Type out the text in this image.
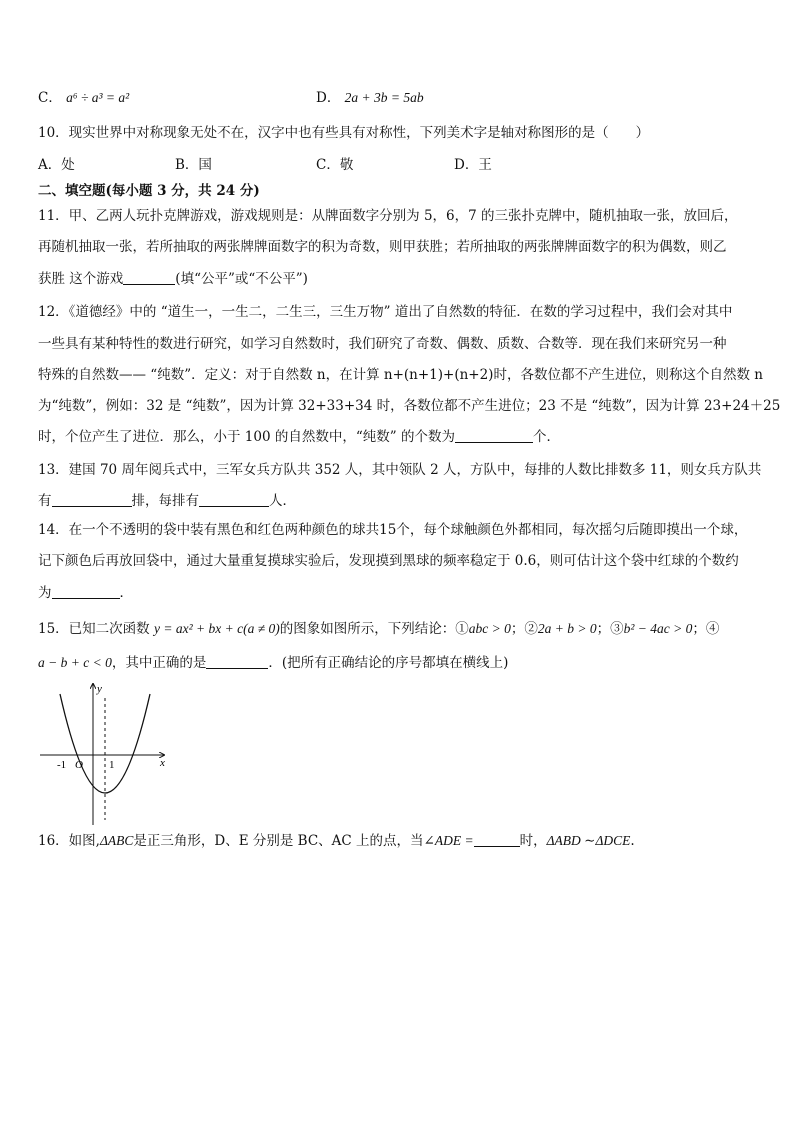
C． a⁶ ÷ a³ = a²	D． 2a + 3b = 5ab
10．现实世界中对称现象无处不在，汉字中也有些具有对称性，下列美术字是轴对称图形的是（　　）
A．处	B．国	C．敬	D．王
二、填空题(每小题 3 分，共 24 分)
11．甲、乙两人玩扑克牌游戏，游戏规则是：从牌面数字分别为 5，6，7 的三张扑克牌中，随机抽取一张，放回后，
再随机抽取一张，若所抽取的两张牌牌面数字的积为奇数，则甲获胜；若所抽取的两张牌牌面数字的积为偶数，则乙
获胜 这个游戏	(填“公平”或“不公平”)
12．《道德经》中的 “道生一，一生二，二生三，三生万物” 道出了自然数的特征．在数的学习过程中，我们会对其中
一些具有某种特性的数进行研究，如学习自然数时，我们研究了奇数、偶数、质数、合数等．现在我们来研究另一种
特殊的自然数—— “纯数”．定义：对于自然数 n，在计算 n+(n+1)+(n+2)时，各数位都不产生进位，则称这个自然数 n
为“纯数”，例如：32 是 “纯数”，因为计算 32+33+34 时，各数位都不产生进位；23 不是 “纯数”，因为计算 23+24＋25
时，个位产生了进位．那么，小于 100 的自然数中，“纯数” 的个数为	个．
13．建国 70 周年阅兵式中，三军女兵方队共 352 人，其中领队 2 人，方队中，每排的人数比排数多 11，则女兵方队共
有	排，每排有	人．
14．在一个不透明的袋中装有黑色和红色两种颜色的球共15个，每个球触颜色外都相同，每次摇匀后随即摸出一个球，
记下颜色后再放回袋中，通过大量重复摸球实验后，发现摸到黑球的频率稳定于 0.6，则可估计这个袋中红球的个数约
为	．
15．已知二次函数 y = ax² + bx + c(a ≠ 0)的图象如图所示，下列结论：①abc > 0；②2a + b > 0；③b² − 4ac > 0；④
a − b + c < 0，其中正确的是	．(把所有正确结论的序号都填在横线上)
y
x
-1 O 1
16．如图,ΔABC是正三角形，D、E 分别是 BC、AC 上的点，当∠ADE =	时，ΔABD ∼ΔDCE.
